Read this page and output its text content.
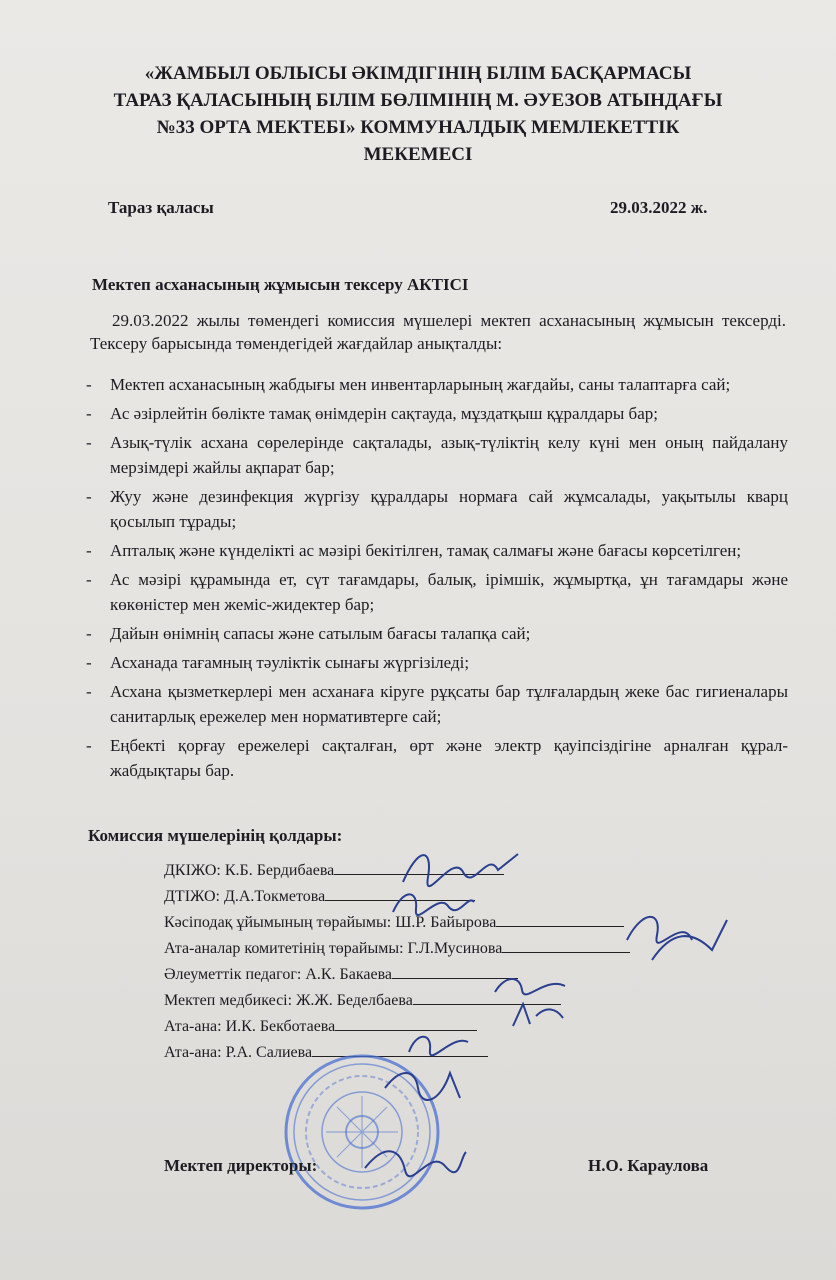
«ЖАМБЫЛ ОБЛЫСЫ ӘКІМДІГІНІҢ БІЛІМ БАСҚАРМАСЫ
ТАРАЗ ҚАЛАСЫНЫҢ БІЛІМ БӨЛІМІНІҢ М. ӘУЕЗОВ АТЫНДАҒЫ
№33 ОРТА МЕКТЕБІ» КОММУНАЛДЫҚ МЕМЛЕКЕТТІК
МЕКЕМЕСІ
Тараз қаласы	29.03.2022 ж.
Мектеп асханасының жұмысын тексеру АКТІСІ
29.03.2022 жылы төмендегі комиссия мүшелері мектеп асханасының жұмысын тексерді. Тексеру барысында төмендегідей жағдайлар анықталды:
- Мектеп асханасының жабдығы мен инвентарларының жағдайы, саны талаптарға сай;
- Ас әзірлейтін бөлікте тамақ өнімдерін сақтауда, мұздатқыш құралдары бар;
- Азық-түлік асхана сөрелерінде сақталады, азық-түліктің келу күні мен оның пайдалану мерзімдері жайлы ақпарат бар;
- Жуу және дезинфекция жүргізу құралдары нормаға сай жұмсалады, уақытылы кварц қосылып тұрады;
- Апталық және күнделікті ас мәзірі бекітілген, тамақ салмағы және бағасы көрсетілген;
- Ас мәзірі құрамында ет, сүт тағамдары, балық, ірімшік, жұмыртқа, ұн тағамдары және көкөністер мен жеміс-жидектер бар;
- Дайын өнімнің сапасы және сатылым бағасы талапқа сай;
- Асханада тағамның тәуліктік сынағы жүргізіледі;
- Асхана қызметкерлері мен асханаға кіруге рұқсаты бар тұлғалардың жеке бас гигиеналары санитарлық ережелер мен нормативтерге сай;
- Еңбекті қорғау ережелері сақталған, өрт және электр қауіпсіздігіне арналған құрал-жабдықтары бар.
Комиссия мүшелерінің қолдары:
ДКІЖО: К.Б. Бердибаева
ДТІЖО: Д.А.Токметова
Кәсіподақ ұйымының төрайымы: Ш.Р. Байырова
Ата-аналар комитетінің төрайымы: Г.Л.Мусинова
Әлеуметтік педагог: А.К. Бакаева
Мектеп медбикесі: Ж.Ж. Беделбаева
Ата-ана: И.К. Бекботаева
Ата-ана: Р.А. Салиева
Мектеп директоры:	Н.О. Караулова
